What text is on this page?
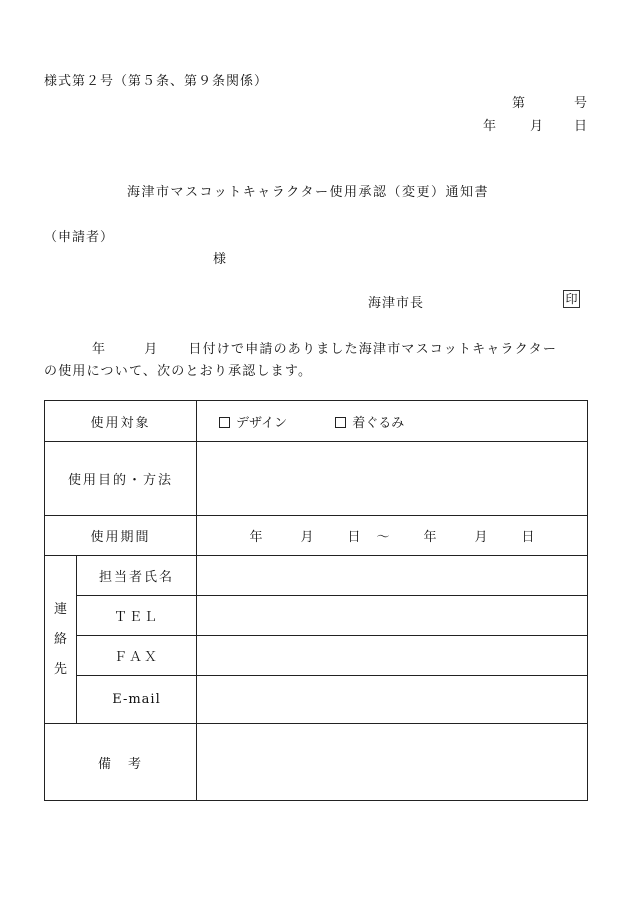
様式第２号（第５条、第９条関係）
第	号
年	月 日
海津市マスコットキャラクター使用承認（変更）通知書
（申請者）
様
海津市長	印
年	月 日付けで申請のありました海津市マスコットキャラクター
の使用について、次のとおり承認します。
使用対象		デザイン 着ぐるみ
使用目的・方法		
使用期間		年 月 日 ～ 年 月 日

連
絡
先	担当者氏名	
	ＴＥＬ	
	ＦＡＸ	
	E-mail	
備　考		
